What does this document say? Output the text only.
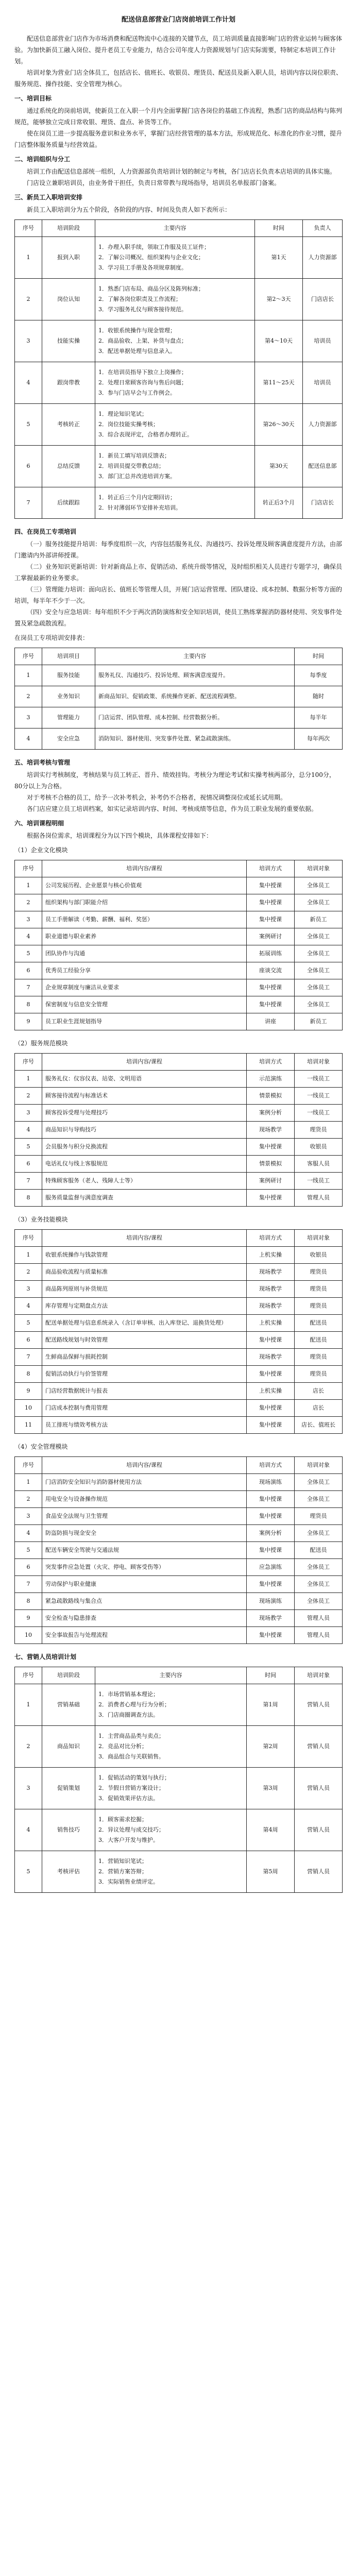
配送信息部营业门店岗前培训工作计划

配送信息部营业门店作为市场消费和配送物流中心连接的关键节点，员工培训质量直接影响门店的营业运转与顾客体验。为加快新员工融入岗位、提升老员工专业能力，结合公司年度人力资源规划与门店实际需要，特制定本培训工作计划。

培训对象为营业门店全体员工，包括店长、值班长、收银员、理货员、配送员及新入职人员，培训内容以岗位职责、服务规范、操作技能、安全管理为核心。

一、培训目标

通过系统化的岗前培训，使新员工在入职一个月内全面掌握门店各岗位的基础工作流程，熟悉门店的商品结构与陈列规范，能够独立完成日常收银、理货、盘点、补货等工作。

使在岗员工进一步提高服务意识和业务水平，掌握门店经营管理的基本方法，形成规范化、标准化的作业习惯，提升门店整体服务质量与经营效益。

二、培训组织与分工

培训工作由配送信息部统一组织，人力资源部负责培训计划的制定与考核，各门店店长负责本店培训的具体实施。

门店设立兼职培训员，由业务骨干担任，负责日常带教与现场指导，培训员名单报部门备案。

三、新员工入职培训安排

新员工入职培训分为五个阶段，各阶段的内容、时间及负责人如下表所示：

序号	培训阶段	主要内容	时间	负责人
1	报到入职	1．办理入职手续，领取工作服及员工证件；
2．了解公司概况、组织架构与企业文化；
3．学习员工手册及各项规章制度。	第1天	人力资源部
2	岗位认知	1．熟悉门店布局、商品分区及陈列标准；
2．了解各岗位职责及工作流程；
3．学习服务礼仪与顾客接待规范。	第2～3天	门店店长
3	技能实操	1．收银系统操作与现金管理；
2．商品验收、上架、补货与盘点；
3．配送单据处理与信息录入。	第4～10天	培训员
4	跟岗带教	1．在培训员指导下独立上岗操作；
2．处理日常顾客咨询与售后问题；
3．参与门店早会与工作例会。	第11～25天	培训员
5	考核转正	1．理论知识笔试；
2．岗位技能实操考核；
3．综合表现评定，合格者办理转正。	第26～30天	人力资源部
6	总结反馈	1．新员工填写培训反馈表；
2．培训员提交带教总结；
3．部门汇总并改进培训方案。	第30天	配送信息部
7	后续跟踪	1．转正后三个月内定期回访；
2．针对薄弱环节安排补充培训。	转正后3个月	门店店长
四、在岗员工专项培训

（一）服务技能提升培训：每季度组织一次，内容包括服务礼仪、沟通技巧、投诉处理及顾客满意度提升方法，由部门邀请内外部讲师授课。

（二）业务知识更新培训：针对新商品上市、促销活动、系统升级等情况，及时组织相关人员进行专题学习，确保员工掌握最新的业务要求。

（三）管理能力培训：面向店长、值班长等管理人员，开展门店运营管理、团队建设、成本控制、数据分析等方面的培训，每半年不少于一次。

（四）安全与应急培训：每年组织不少于两次消防演练和安全知识培训，使员工熟练掌握消防器材使用、突发事件处置及紧急疏散流程。

在岗员工专项培训安排表：
序号	培训项目	主要内容	时间
1	服务技能	服务礼仪、沟通技巧、投诉处理、顾客满意度提升。	每季度
2	业务知识	新商品知识、促销政策、系统操作更新、配送流程调整。	随时
3	管理能力	门店运营、团队管理、成本控制、经营数据分析。	每半年
4	安全应急	消防知识、器材使用、突发事件处置、紧急疏散演练。	每年两次
五、培训考核与管理

培训实行考核制度，考核结果与员工转正、晋升、绩效挂钩。考核分为理论考试和实操考核两部分，总分100分，80分以上为合格。

对于考核不合格的员工，给予一次补考机会，补考仍不合格者，视情况调整岗位或延长试用期。

各门店应建立员工培训档案，如实记录培训内容、时间、考核成绩等信息，作为员工职业发展的重要依据。

六、培训课程明细

根据各岗位需求，培训课程分为以下四个模块，具体课程安排如下：

（1）企业文化模块
序号	培训内容/课程	培训方式	培训对象
1	公司发展历程、企业愿景与核心价值观	集中授课	全体员工
2	组织架构与部门职能介绍	集中授课	全体员工
3	员工手册解读（考勤、薪酬、福利、奖惩）	集中授课	新员工
4	职业道德与职业素养	案例研讨	全体员工
5	团队协作与沟通	拓展训练	全体员工
6	优秀员工经验分享	座谈交流	全体员工
7	企业规章制度与廉洁从业要求	集中授课	全体员工
8	保密制度与信息安全管理	集中授课	全体员工
9	员工职业生涯规划指导	讲座	新员工
（2）服务规范模块
序号	培训内容/课程	培训方式	培训对象
1	服务礼仪：仪容仪表、站姿、文明用语	示范演练	一线员工
2	顾客接待流程与标准话术	情景模拟	一线员工
3	顾客投诉受理与处理技巧	案例分析	一线员工
4	商品知识与导购技巧	现场教学	理货员
5	会员服务与积分兑换流程	集中授课	收银员
6	电话礼仪与线上客服规范	情景模拟	客服人员
7	特殊顾客服务（老人、残障人士等）	案例研讨	一线员工
8	服务质量监督与满意度调查	集中授课	管理人员
（3）业务技能模块
序号	培训内容/课程	培训方式	培训对象
1	收银系统操作与钱款管理	上机实操	收银员
2	商品验收流程与质量标准	现场教学	理货员
3	商品陈列原则与补货规范	现场教学	理货员
4	库存管理与定期盘点方法	现场教学	理货员
5	配送单据处理与信息系统录入（含订单审核、出入库登记、退换货处理）	上机实操	配送员
6	配送路线规划与时效管理	集中授课	配送员
7	生鲜商品保鲜与损耗控制	现场教学	理货员
8	促销活动执行与价签管理	集中授课	理货员
9	门店经营数据统计与报表	上机实操	店长
10	门店成本控制与费用管理	集中授课	店长
11	员工排班与绩效考核方法	集中授课	店长、值班长
（4）安全管理模块
序号	培训内容/课程	培训方式	培训对象
1	门店消防安全知识与消防器材使用方法	现场演练	全体员工
2	用电安全与设备操作规范	集中授课	全体员工
3	食品安全法规与卫生管理	集中授课	理货员
4	防盗防损与现金安全	案例分析	全体员工
5	配送车辆安全驾驶与交通法规	集中授课	配送员
6	突发事件应急处置（火灾、停电、顾客受伤等）	应急演练	全体员工
7	劳动保护与职业健康	集中授课	全体员工
8	紧急疏散路线与集合点	现场演练	全体员工
9	安全检查与隐患排查	现场教学	管理人员
10	安全事故报告与处理流程	集中授课	管理人员
七、营销人员培训计划
序号	培训阶段	主要内容	时间	培训对象
1	营销基础	1．市场营销基本理论；
2．消费者心理与行为分析；
3．门店商圈调查方法。	第1周	营销人员
2	商品知识	1．主营商品品类与卖点；
2．竞品对比分析；
3．商品组合与关联销售。	第2周	营销人员
3	促销策划	1．促销活动的策划与执行；
2．节假日营销方案设计；
3．促销效果评估方法。	第3周	营销人员
4	销售技巧	1．顾客需求挖掘；
2．异议处理与成交技巧；
3．大客户开发与维护。	第4周	营销人员
5	考核评估	1．营销知识笔试；
2．营销方案答辩；
3．实际销售业绩评定。	第5周	营销人员
